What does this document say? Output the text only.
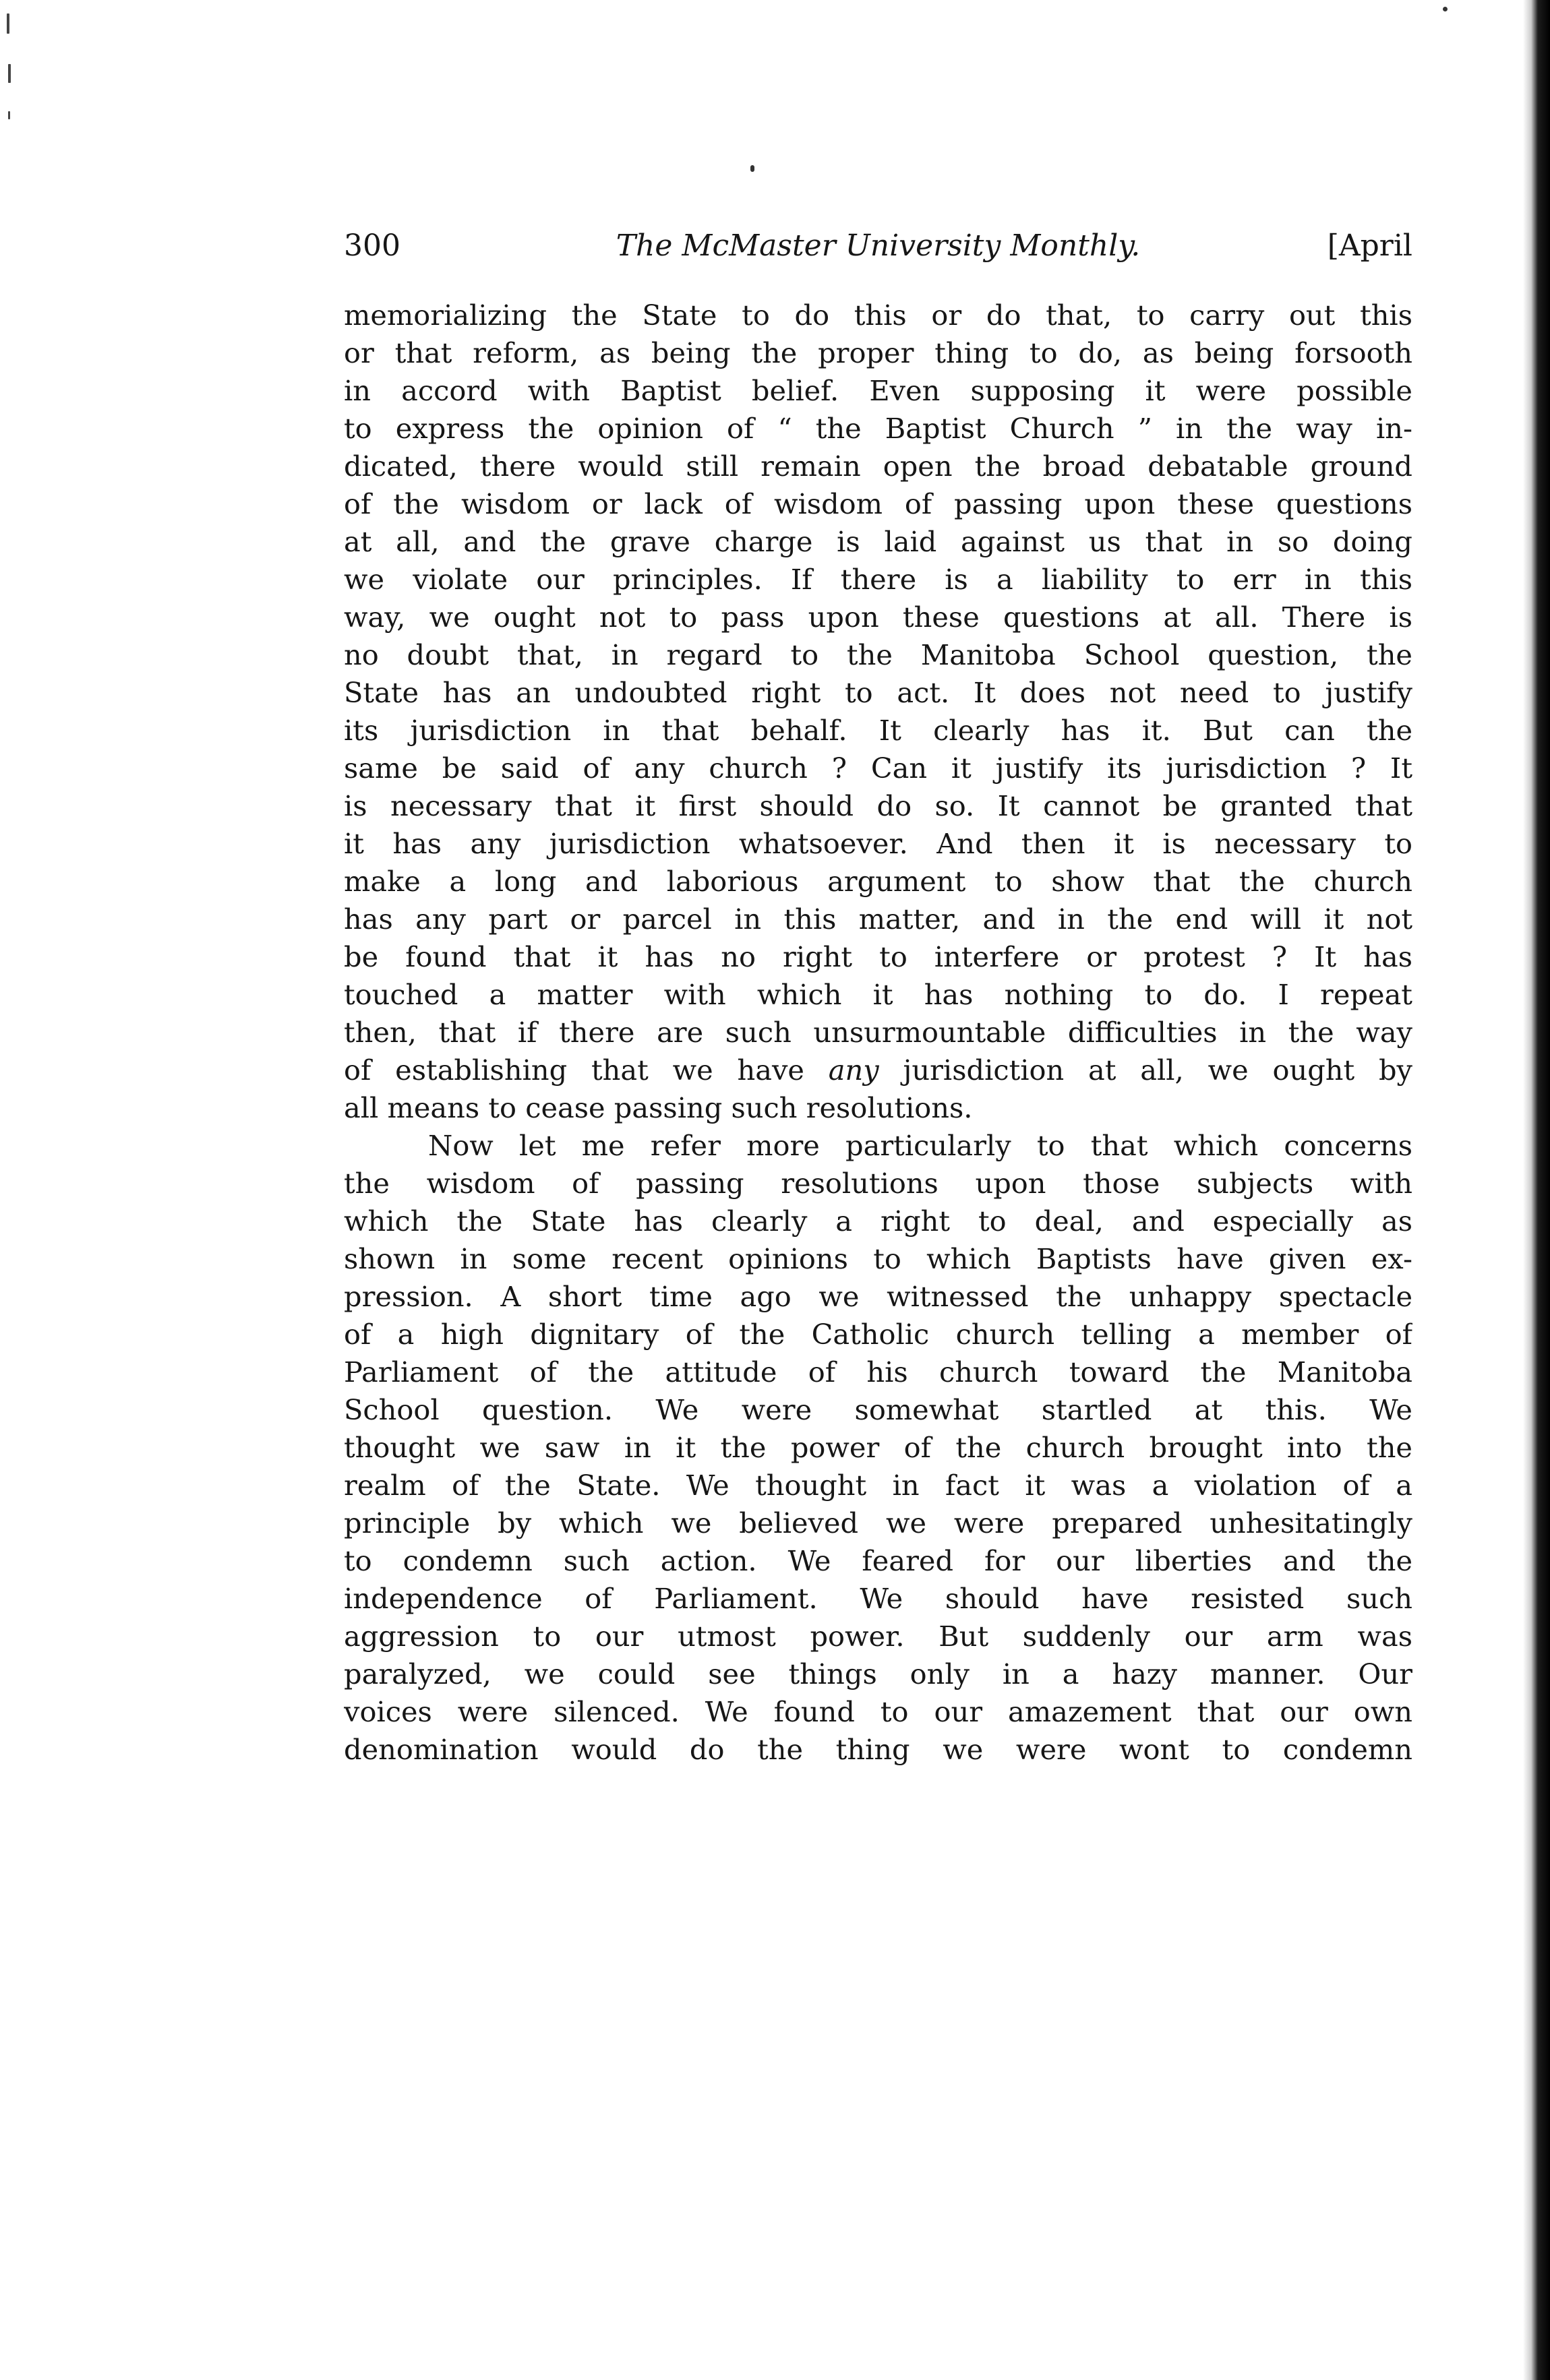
300	The McMaster University Monthly.	[April
memorializing the State to do this or do that, to carry out this
or that reform, as being the proper thing to do, as being forsooth
in accord with Baptist belief. Even supposing it were possible
to express the opinion of “ the Baptist Church ” in the way in-
dicated, there would still remain open the broad debatable ground
of the wisdom or lack of wisdom of passing upon these questions
at all, and the grave charge is laid against us that in so doing
we violate our principles. If there is a liability to err in this
way, we ought not to pass upon these questions at all. There is
no doubt that, in regard to the Manitoba School question, the
State has an undoubted right to act. It does not need to justify
its jurisdiction in that behalf. It clearly has it. But can the
same be said of any church ? Can it justify its jurisdiction ? It
is necessary that it first should do so. It cannot be granted that
it has any jurisdiction whatsoever. And then it is necessary to
make a long and laborious argument to show that the church
has any part or parcel in this matter, and in the end will it not
be found that it has no right to interfere or protest ? It has
touched a matter with which it has nothing to do. I repeat
then, that if there are such unsurmountable difficulties in the way
of establishing that we have any jurisdiction at all, we ought by
all means to cease passing such resolutions.
Now let me refer more particularly to that which concerns
the wisdom of passing resolutions upon those subjects with
which the State has clearly a right to deal, and especially as
shown in some recent opinions to which Baptists have given ex-
pression. A short time ago we witnessed the unhappy spectacle
of a high dignitary of the Catholic church telling a member of
Parliament of the attitude of his church toward the Manitoba
School question. We were somewhat startled at this. We
thought we saw in it the power of the church brought into the
realm of the State. We thought in fact it was a violation of a
principle by which we believed we were prepared unhesitatingly
to condemn such action. We feared for our liberties and the
independence of Parliament. We should have resisted such
aggression to our utmost power. But suddenly our arm was
paralyzed, we could see things only in a hazy manner. Our
voices were silenced. We found to our amazement that our own
denomination would do the thing we were wont to condemn
